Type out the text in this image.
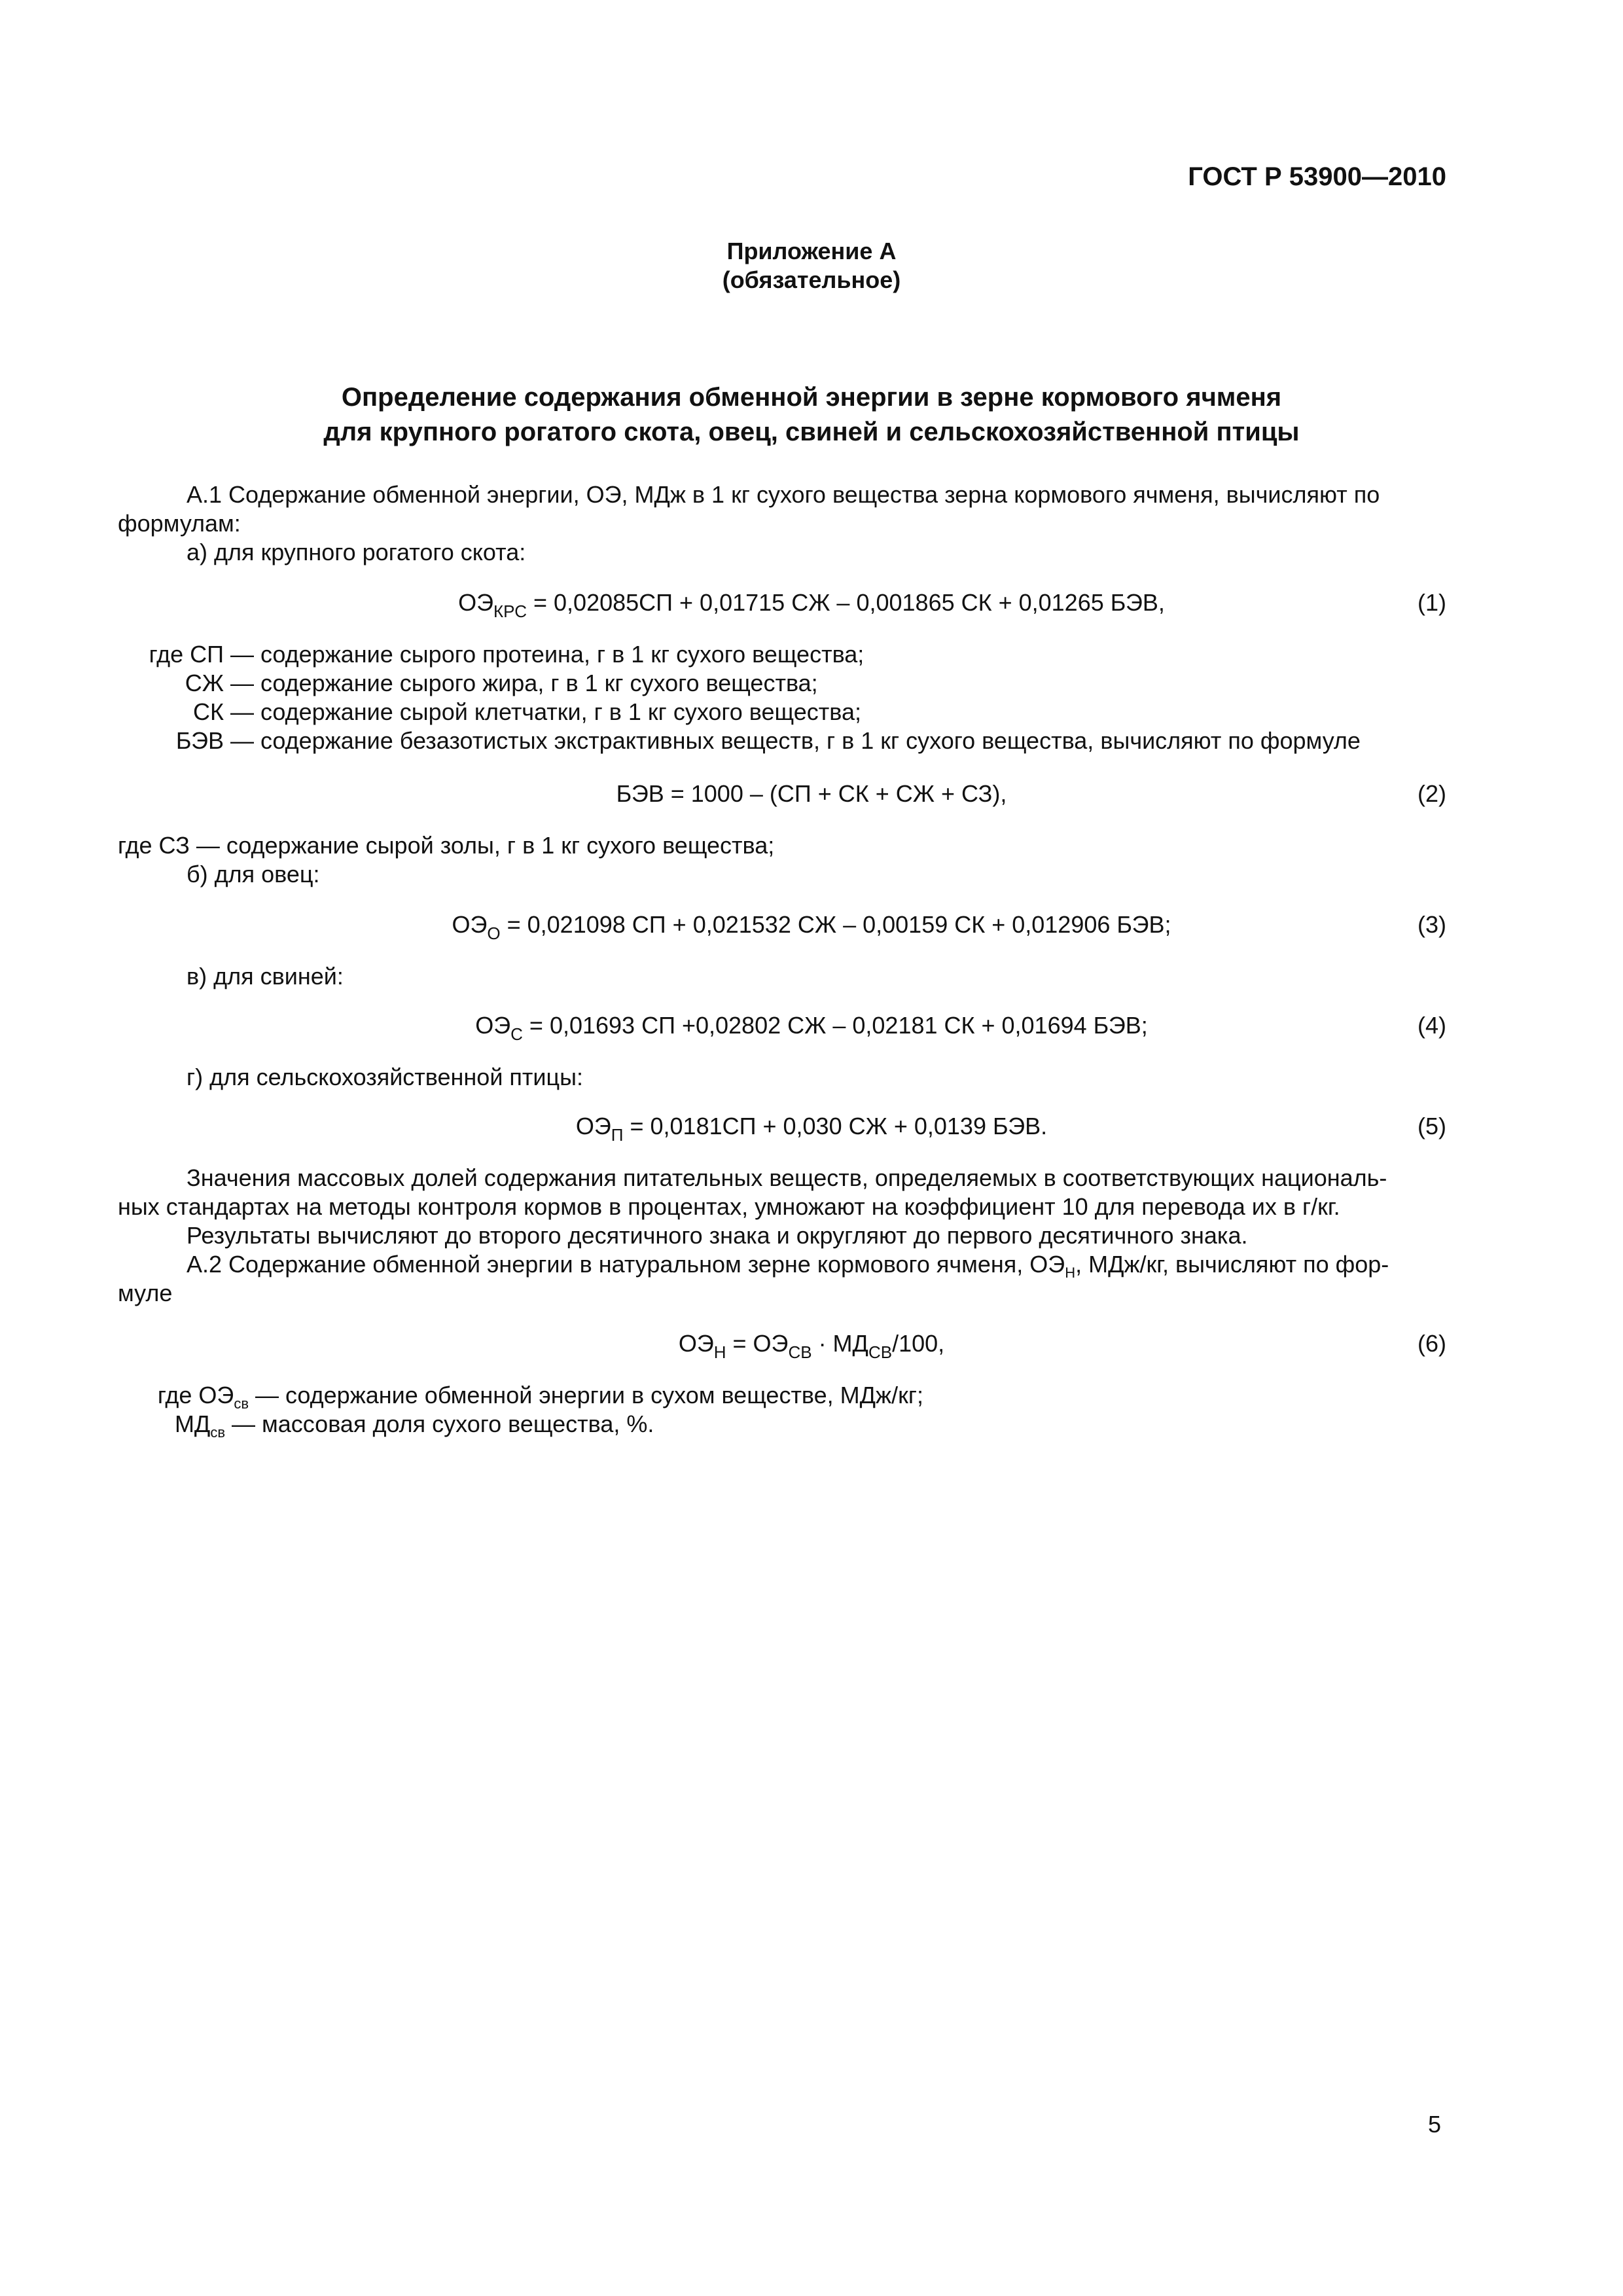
ГОСТ Р 53900—2010
Приложение А
(обязательное)
Определение содержания обменной энергии в зерне кормового ячменя
для крупного рогатого скота, овец, свиней и сельскохозяйственной птицы
А.1 Содержание обменной энергии, ОЭ, МДж в 1 кг сухого вещества зерна кормового ячменя, вычисляют по
формулам:
а) для крупного рогатого скота:
$ОЭ_{КРС} = 0,02085СП + 0,01715$ СЖ – 0,001865 СК + 0,01265 БЭВ,	(1)
где СП — содержание сырого протеина, г в 1 кг сухого вещества;
СЖ — содержание сырого жира, г в 1 кг сухого вещества;
СК — содержание сырой клетчатки, г в 1 кг сухого вещества;
БЭВ — содержание безазотистых экстрактивных веществ, г в 1 кг сухого вещества, вычисляют по формуле
БЭВ = 1000 – (СП + СК + СЖ + СЗ),	(2)
где СЗ — содержание сырой золы, г в 1 кг сухого вещества;
б) для овец:
$ОЭ_О = 0,021098$ СП + 0,021532 СЖ – 0,00159 СК + 0,012906 БЭВ;	(3)
в) для свиней:
$ОЭ_С = 0,01693$ СП +0,02802 СЖ – 0,02181 СК + 0,01694 БЭВ;	(4)
г) для сельскохозяйственной птицы:
$ОЭ_П = 0,0181СП + 0,030$ СЖ + 0,0139 БЭВ.	(5)
Значения массовых долей содержания питательных веществ, определяемых в соответствующих националь-
ных стандартах на методы контроля кормов в процентах, умножают на коэффициент 10 для перевода их в г/кг.
Результаты вычисляют до второго десятичного знака и округляют до первого десятичного знака.
А.2 Содержание обменной энергии в натуральном зерне кормового ячменя, $ОЭ_Н$, МДж/кг, вычисляют по фор-
муле
$ОЭ_Н = ОЭ_{СВ} \cdot МД_{СВ}/100$,	(6)
где $ОЭ_{св}$ — содержание обменной энергии в сухом веществе, МДж/кг;
$МД_{св}$ — массовая доля сухого вещества, %.
5
